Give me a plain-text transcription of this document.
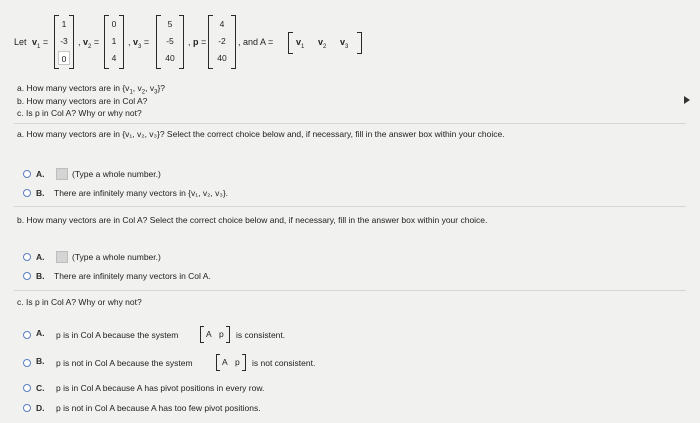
Let $v_1$ =
1
-3
0
, $v_2$ =
0
1
4
, $v_3$ =
5
-5
40
, p =
4
-2
40
, and A =	$v_1$ $v_2$ $v_3$
a. How many vectors are in {$v_1$, $v_2$, $v_3$}?
b. How many vectors are in Col A?
c. Is p in Col A? Why or why not?
a. How many vectors are in {v₁, v₂, v₃}? Select the correct choice below and, if necessary, fill in the answer box within your choice.
A.	(Type a whole number.)
B. There are infinitely many vectors in {v₁, v₂, v₃}.
b. How many vectors are in Col A? Select the correct choice below and, if necessary, fill in the answer box within your choice.
A.	(Type a whole number.)
B. There are infinitely many vectors in Col A.
c. Is p in Col A? Why or why not?
A. p is in Col A because the system	A p is consistent.
B. p is not in Col A because the system	A p is not consistent.
C. p is in Col A because A has pivot positions in every row.
D. p is not in Col A because A has too few pivot positions.
